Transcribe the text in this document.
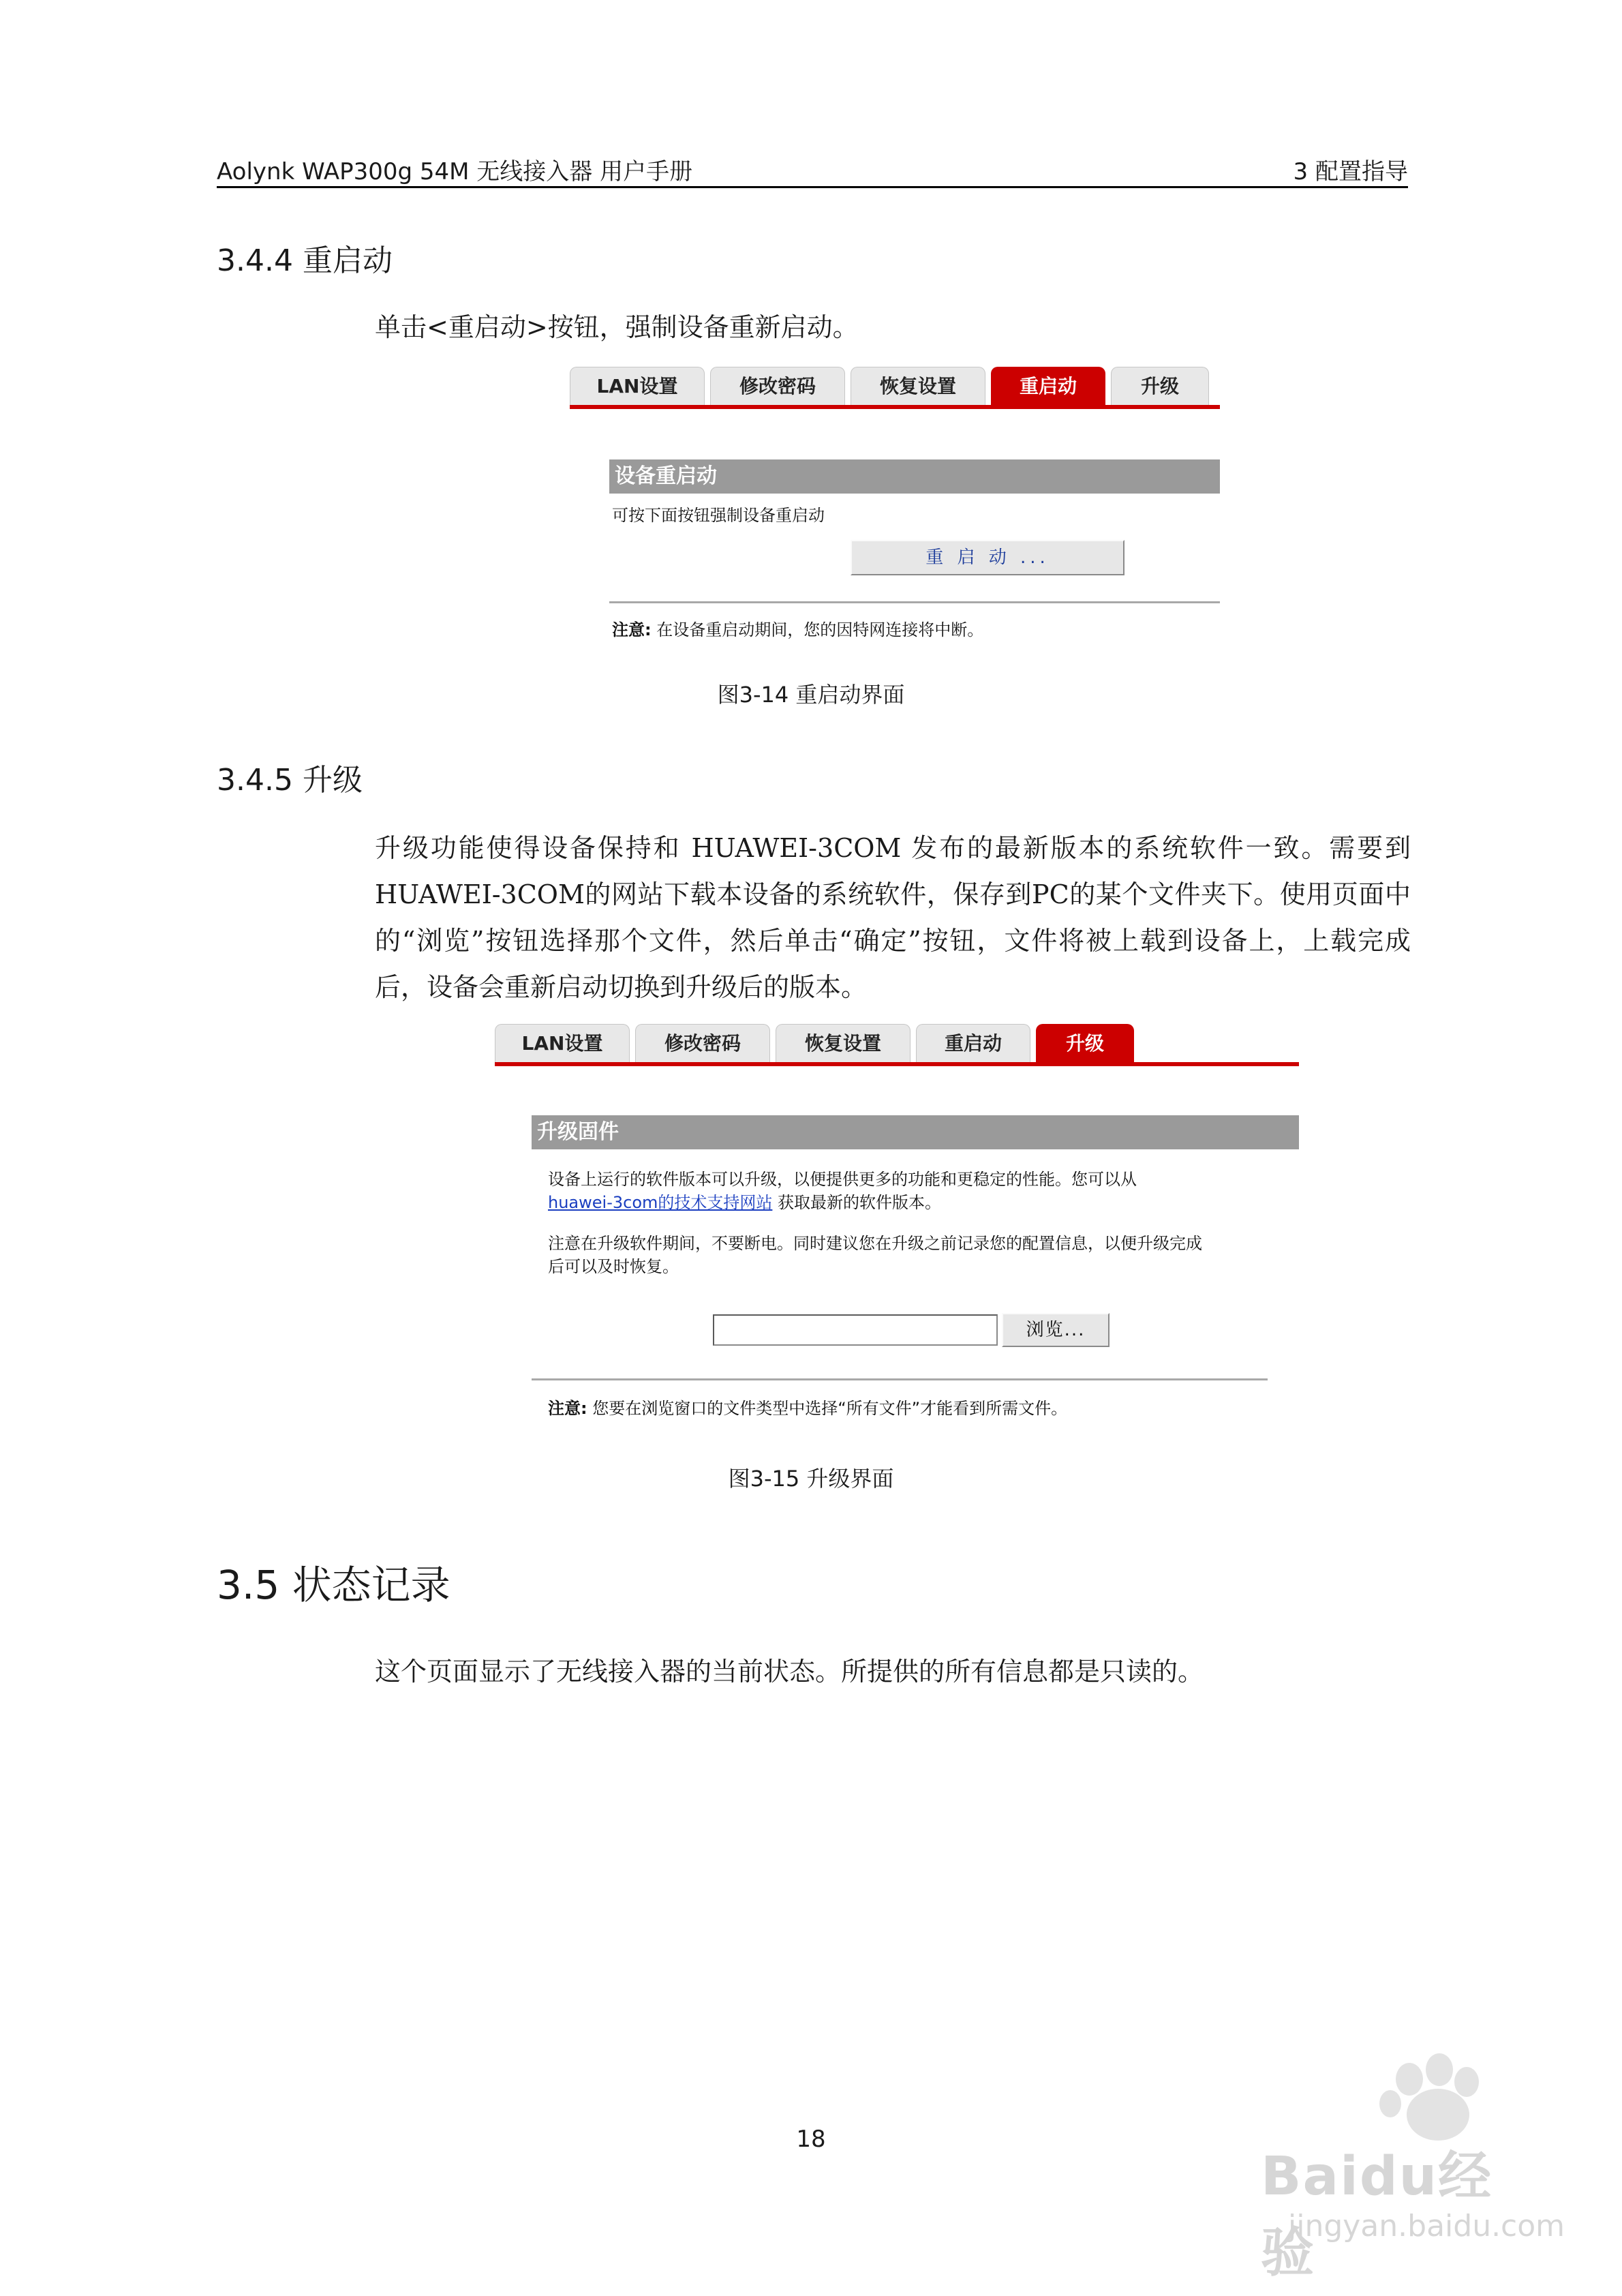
Aolynk WAP300g 54M 无线接入器 用户手册	3 配置指导
3.4.4 重启动
单击<重启动>按钮，强制设备重新启动。
LAN设置	修改密码	恢复设置	重启动	升级
设备重启动
可按下面按钮强制设备重启动
重 启 动 ...
注意: 在设备重启动期间，您的因特网连接将中断。
图3-14 重启动界面
3.4.5 升级
升级功能使得设备保持和 HUAWEI-3COM 发布的最新版本的系统软件一致。需要到HUAWEI-3COM的网站下载本设备的系统软件，保存到PC的某个文件夹下。使用页面中的“浏览”按钮选择那个文件，然后单击“确定”按钮，文件将被上载到设备上，上载完成后，设备会重新启动切换到升级后的版本。
LAN设置	修改密码	恢复设置	重启动	升级
升级固件
设备上运行的软件版本可以升级，以便提供更多的功能和更稳定的性能。您可以从
huawei-3com的技术支持网站 获取最新的软件版本。
注意在升级软件期间，不要断电。同时建议您在升级之前记录您的配置信息，以便升级完成
后可以及时恢复。
浏览...
注意: 您要在浏览窗口的文件类型中选择“所有文件”才能看到所需文件。
图3-15 升级界面
3.5 状态记录
这个页面显示了无线接入器的当前状态。所提供的所有信息都是只读的。
18
Baidu经验
jingyan.baidu.com
